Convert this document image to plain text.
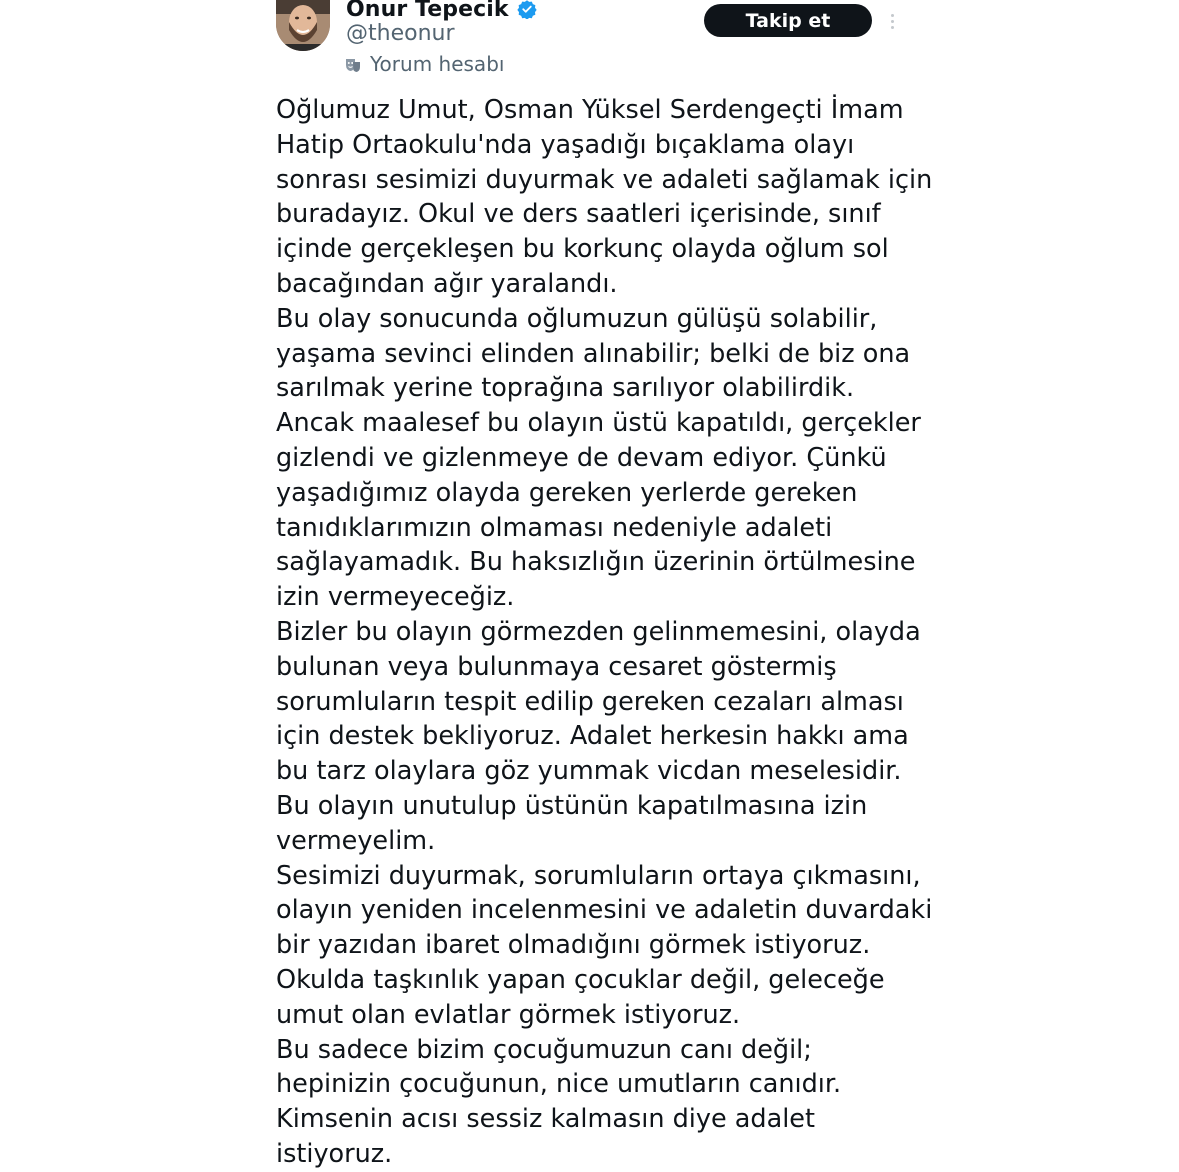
Onur Tepecik
@theonur
Yorum hesabı
Takip et
Oğlumuz Umut, Osman Yüksel Serdengeçti İmam
Hatip Ortaokulu'nda yaşadığı bıçaklama olayı
sonrası sesimizi duyurmak ve adaleti sağlamak için
buradayız. Okul ve ders saatleri içerisinde, sınıf
içinde gerçekleşen bu korkunç olayda oğlum sol
bacağından ağır yaralandı.
Bu olay sonucunda oğlumuzun gülüşü solabilir,
yaşama sevinci elinden alınabilir; belki de biz ona
sarılmak yerine toprağına sarılıyor olabilirdik.
Ancak maalesef bu olayın üstü kapatıldı, gerçekler
gizlendi ve gizlenmeye de devam ediyor. Çünkü
yaşadığımız olayda gereken yerlerde gereken
tanıdıklarımızın olmaması nedeniyle adaleti
sağlayamadık. Bu haksızlığın üzerinin örtülmesine
izin vermeyeceğiz.
Bizler bu olayın görmezden gelinmemesini, olayda
bulunan veya bulunmaya cesaret göstermiş
sorumluların tespit edilip gereken cezaları alması
için destek bekliyoruz. Adalet herkesin hakkı ama
bu tarz olaylara göz yummak vicdan meselesidir.
Bu olayın unutulup üstünün kapatılmasına izin
vermeyelim.
Sesimizi duyurmak, sorumluların ortaya çıkmasını,
olayın yeniden incelenmesini ve adaletin duvardaki
bir yazıdan ibaret olmadığını görmek istiyoruz.
Okulda taşkınlık yapan çocuklar değil, geleceğe
umut olan evlatlar görmek istiyoruz.
Bu sadece bizim çocuğumuzun canı değil;
hepinizin çocuğunun, nice umutların canıdır.
Kimsenin acısı sessiz kalmasın diye adalet
istiyoruz.
